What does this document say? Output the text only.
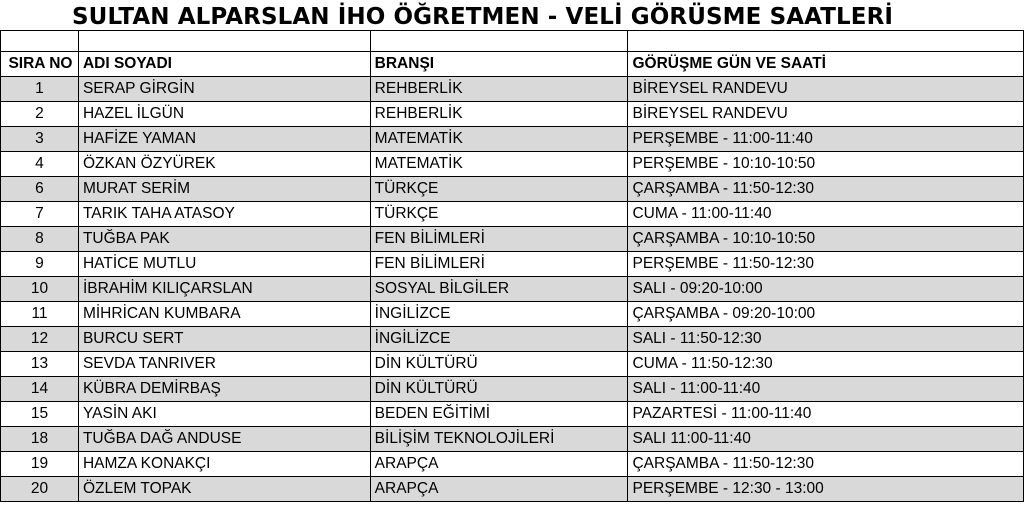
SULTAN ALPARSLAN İHO ÖĞRETMEN - VELİ GÖRÜSME SAATLERİ

SIRA NO	ADI SOYADI	BRANŞI	GÖRÜŞME GÜN VE SAATİ
1	SERAP GİRGİN	REHBERLİK	BİREYSEL RANDEVU
2	HAZEL İLGÜN	REHBERLİK	BİREYSEL RANDEVU
3	HAFİZE YAMAN	MATEMATİK	PERŞEMBE - 11:00-11:40
4	ÖZKAN ÖZYÜREK	MATEMATİK	PERŞEMBE - 10:10-10:50
6	MURAT SERİM	TÜRKÇE	ÇARŞAMBA - 11:50-12:30
7	TARIK TAHA ATASOY	TÜRKÇE	CUMA - 11:00-11:40
8	TUĞBA PAK	FEN BİLİMLERİ	ÇARŞAMBA - 10:10-10:50
9	HATİCE MUTLU	FEN BİLİMLERİ	PERŞEMBE - 11:50-12:30
10	İBRAHİM KILIÇARSLAN	SOSYAL BİLGİLER	SALI - 09:20-10:00
11	MİHRİCAN KUMBARA	İNGİLİZCE	ÇARŞAMBA - 09:20-10:00
12	BURCU SERT	İNGİLİZCE	SALI - 11:50-12:30
13	SEVDA TANRIVER	DİN KÜLTÜRÜ	CUMA - 11:50-12:30
14	KÜBRA DEMİRBAŞ	DİN KÜLTÜRÜ	SALI - 11:00-11:40
15	YASİN AKI	BEDEN EĞİTİMİ	PAZARTESİ - 11:00-11:40
18	TUĞBA DAĞ ANDUSE	BİLİŞİM TEKNOLOJİLERİ	SALI 11:00-11:40
19	HAMZA KONAKÇI	ARAPÇA	ÇARŞAMBA - 11:50-12:30
20	ÖZLEM TOPAK	ARAPÇA	PERŞEMBE - 12:30 - 13:00
